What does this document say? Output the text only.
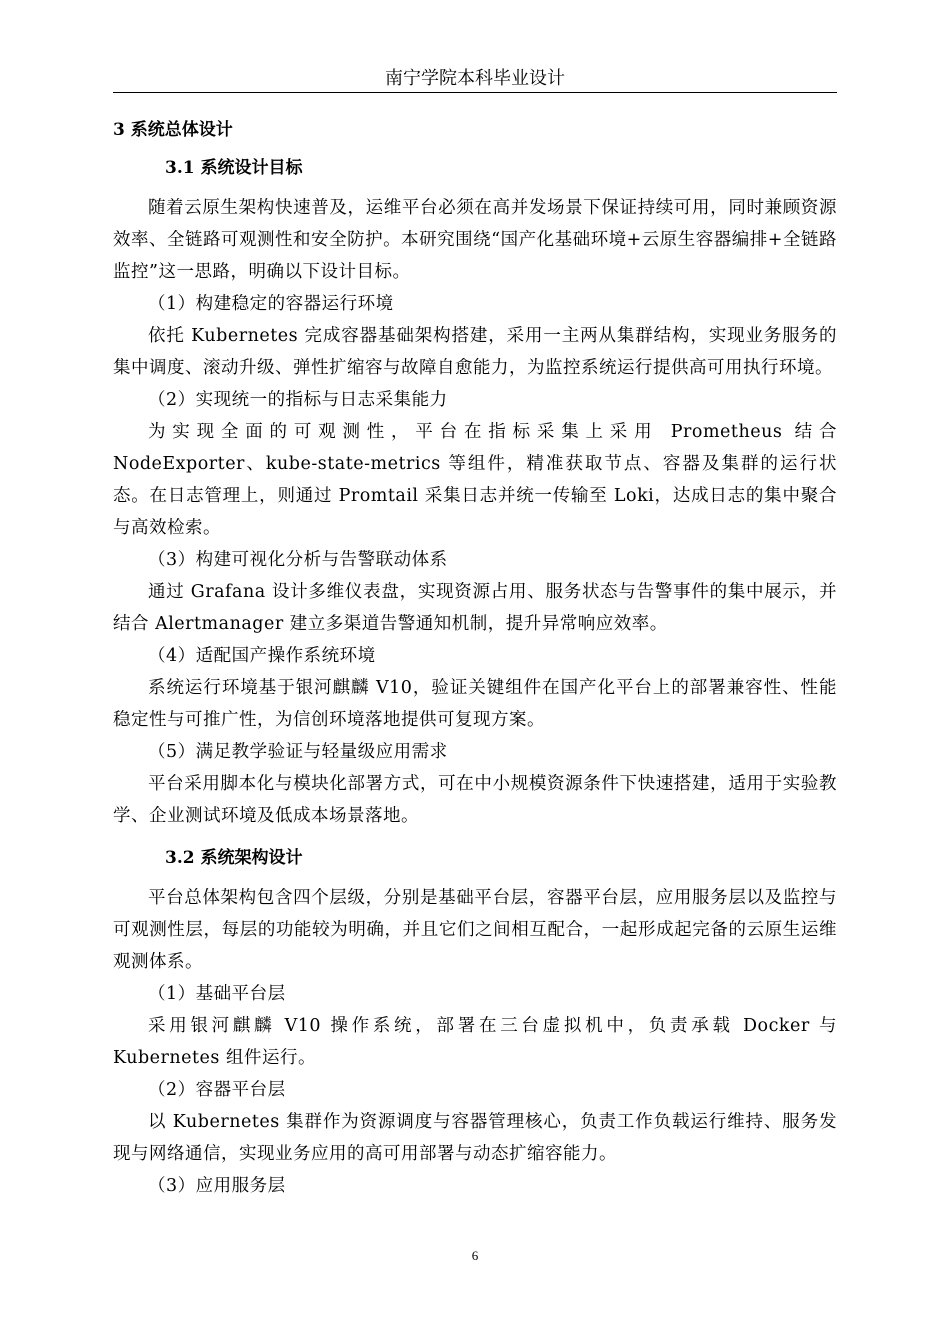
南宁学院本科毕业设计
3 系统总体设计
3.1 系统设计目标

随着云原生架构快速普及，运维平台必须在高并发场景下保证持续可用，同时兼顾资源效率、全链路可观测性和安全防护。本研究围绕“国产化基础环境+云原生容器编排+全链路监控”这一思路，明确以下设计目标。

（1）构建稳定的容器运行环境

依托 Kubernetes 完成容器基础架构搭建，采用一主两从集群结构，实现业务服务的集中调度、滚动升级、弹性扩缩容与故障自愈能力，为监控系统运行提供高可用执行环境。

（2）实现统一的指标与日志采集能力

为实现全面的可观测性，平台在指标采集上采用 Prometheus 结合 NodeExporter、kube-state-metrics 等组件，精准获取节点、容器及集群的运行状态。在日志管理上，则通过 Promtail 采集日志并统一传输至 Loki，达成日志的集中聚合与高效检索。

（3）构建可视化分析与告警联动体系

通过 Grafana 设计多维仪表盘，实现资源占用、服务状态与告警事件的集中展示，并结合 Alertmanager 建立多渠道告警通知机制，提升异常响应效率。

（4）适配国产操作系统环境

系统运行环境基于银河麒麟 V10，验证关键组件在国产化平台上的部署兼容性、性能稳定性与可推广性，为信创环境落地提供可复现方案。

（5）满足教学验证与轻量级应用需求

平台采用脚本化与模块化部署方式，可在中小规模资源条件下快速搭建，适用于实验教学、企业测试环境及低成本场景落地。

3.2 系统架构设计

平台总体架构包含四个层级，分别是基础平台层，容器平台层，应用服务层以及监控与可观测性层，每层的功能较为明确，并且它们之间相互配合，一起形成起完备的云原生运维观测体系。

（1）基础平台层

采用银河麒麟 V10 操作系统，部署在三台虚拟机中，负责承载 Docker 与

Kubernetes 组件运行。

（2）容器平台层

以 Kubernetes 集群作为资源调度与容器管理核心，负责工作负载运行维持、服务发现与网络通信，实现业务应用的高可用部署与动态扩缩容能力。

（3）应用服务层
6
